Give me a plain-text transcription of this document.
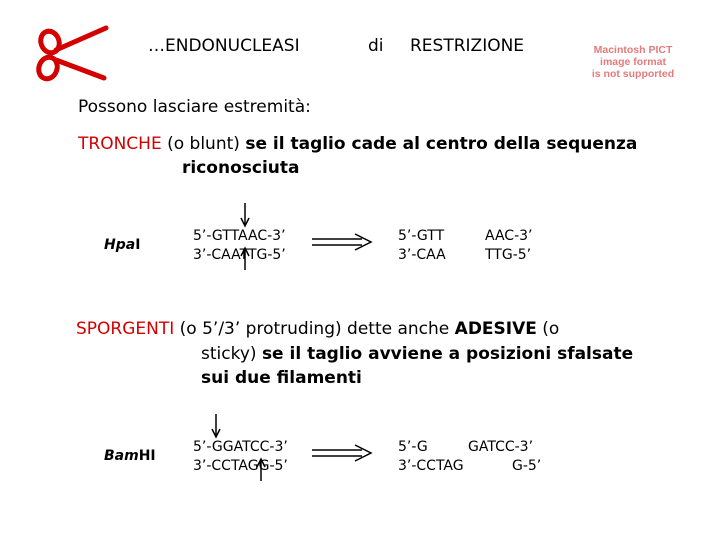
…ENDONUCLEASI	di RESTRIZIONE	Macintosh PICT
image format
is not supported
Possono lasciare estremità:
TRONCHE (o blunt) se il taglio cade al centro della sequenza
riconosciuta
HpaI
5’-GTTAAC-3’
3’-CAATTG-5’
5’-GTT
3’-CAA
AAC-3’
TTG-5’
SPORGENTI (o 5’/3’ protruding) dette anche ADESIVE (o
sticky) se il taglio avviene a posizioni sfalsate
sui due filamenti
BamHI
5’-GGATCC-3’
3’-CCTAGG-5’
5’-G
3’-CCTAG
GATCC-3’
G-5’
